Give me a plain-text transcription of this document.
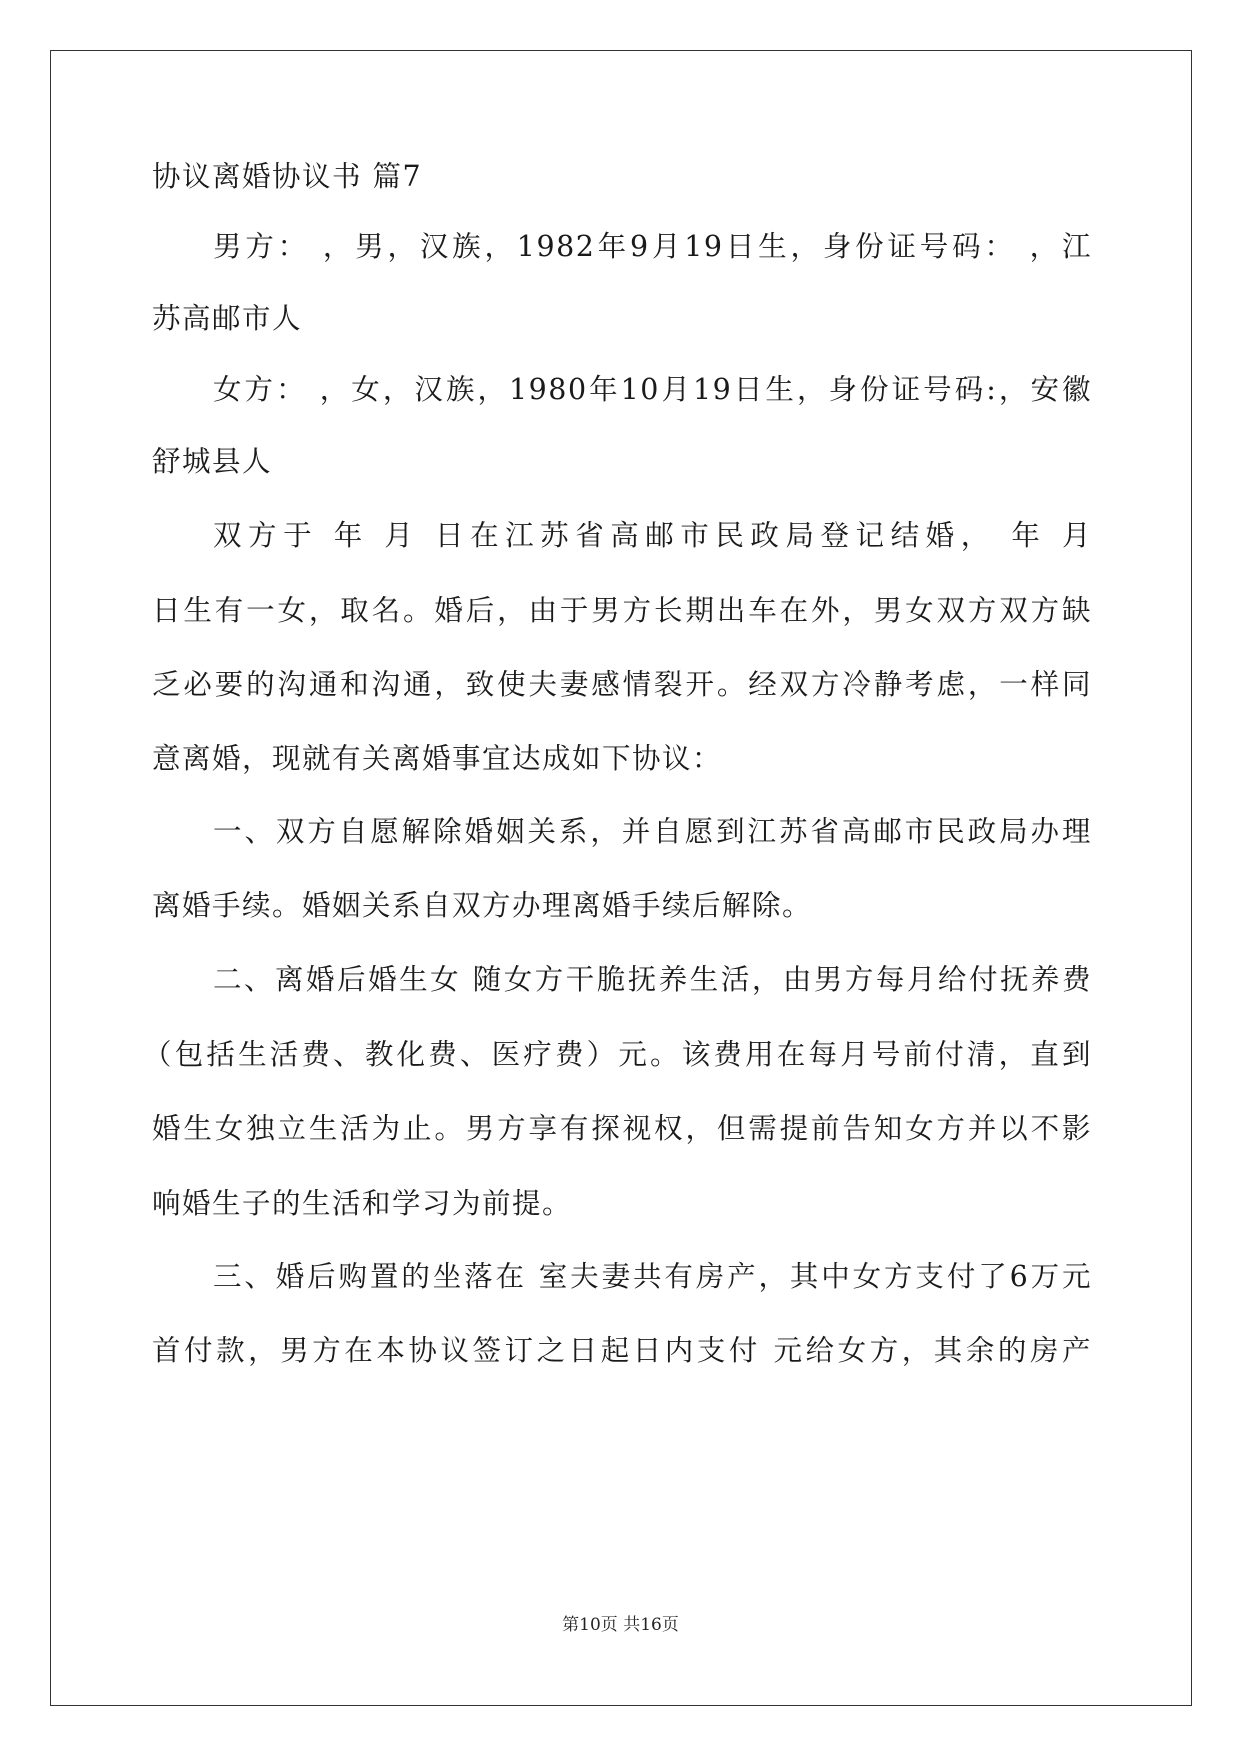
协议离婚协议书 篇7
男方： ，男，汉族，1982年9月19日生，身份证号码： ，江
苏高邮市人
女方： ，女，汉族，1980年10月19日生，身份证号码:，安徽
舒城县人
双方于 年 月 日在江苏省高邮市民政局登记结婚， 年 月
日生有一女，取名。婚后，由于男方长期出车在外，男女双方双方缺
乏必要的沟通和沟通，致使夫妻感情裂开。经双方冷静考虑，一样同
意离婚，现就有关离婚事宜达成如下协议：
一、双方自愿解除婚姻关系，并自愿到江苏省高邮市民政局办理
离婚手续。婚姻关系自双方办理离婚手续后解除。
二、离婚后婚生女 随女方干脆抚养生活，由男方每月给付抚养费
（包括生活费、教化费、医疗费）元。该费用在每月号前付清，直到
婚生女独立生活为止。男方享有探视权，但需提前告知女方并以不影
响婚生子的生活和学习为前提。
三、婚后购置的坐落在 室夫妻共有房产，其中女方支付了6万元
首付款，男方在本协议签订之日起日内支付 元给女方，其余的房产
第10页 共16页
